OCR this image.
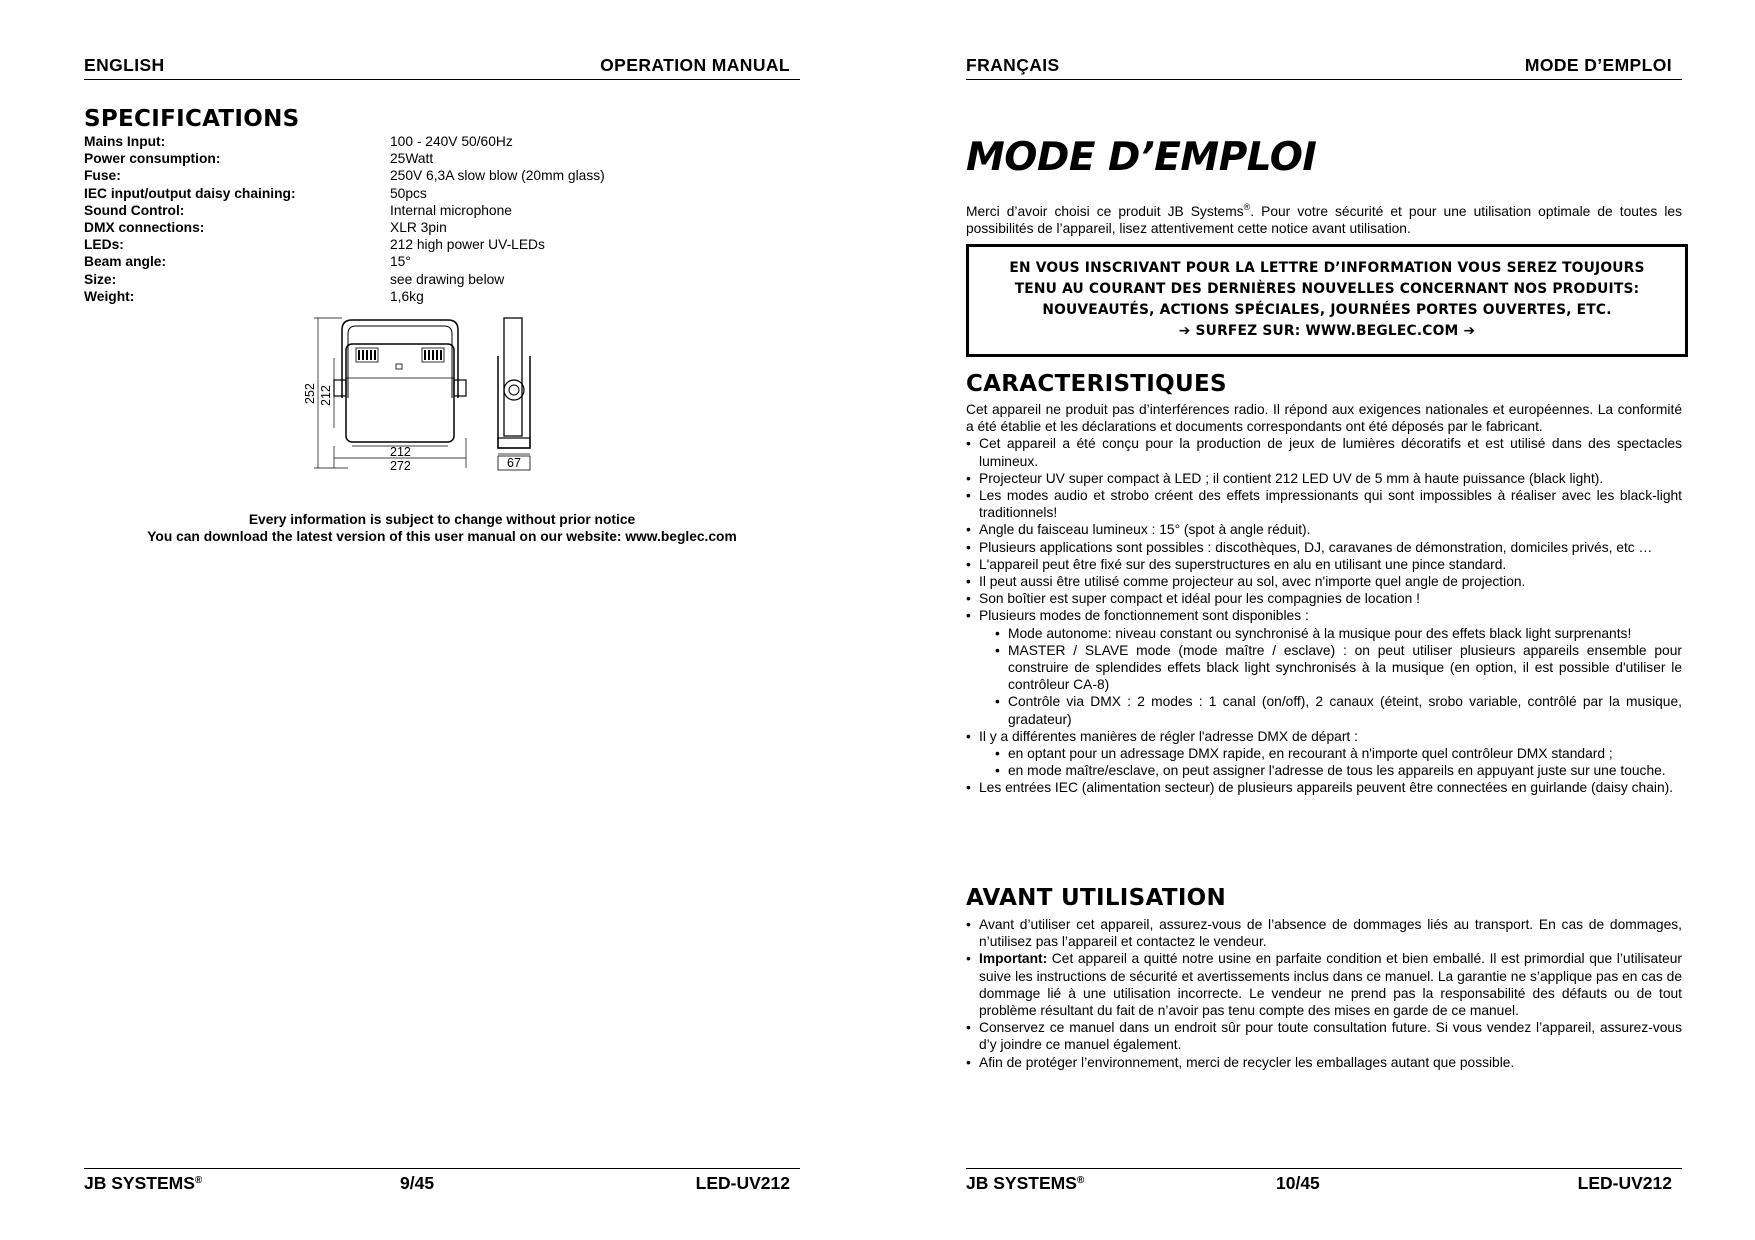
ENGLISH	OPERATION MANUAL
SPECIFICATIONS
Mains Input:	100 - 240V 50/60Hz
Power consumption:	25Watt
Fuse:	250V 6,3A slow blow (20mm glass)
IEC input/output daisy chaining:	50pcs
Sound Control:	Internal microphone
DMX connections:	XLR 3pin
LEDs:	212 high power UV-LEDs
Beam angle:	15°
Size:	see drawing below
Weight:	1,6kg
252 212
212
272	67
Every information is subject to change without prior notice
You can download the latest version of this user manual on our website: www.beglec.com
JB SYSTEMS®	9/45	LED-UV212
FRANÇAIS	MODE D’EMPLOI
MODE D’EMPLOI

Merci d’avoir choisi ce produit JB Systems®. Pour votre sécurité et pour une utilisation optimale de toutes les possibilités de l’appareil, lisez attentivement cette notice avant utilisation.

EN VOUS INSCRIVANT POUR LA LETTRE D’INFORMATION VOUS SEREZ TOUJOURS
TENU AU COURANT DES DERNIÈRES NOUVELLES CONCERNANT NOS PRODUITS:
NOUVEAUTÉS, ACTIONS SPÉCIALES, JOURNÉES PORTES OUVERTES, ETC.
➔ SURFEZ SUR: WWW.BEGLEC.COM ➔
CARACTERISTIQUES

Cet appareil ne produit pas d’interférences radio. Il répond aux exigences nationales et européennes. La conformité a été établie et les déclarations et documents correspondants ont été déposés par le fabricant.

• Cet appareil a été conçu pour la production de jeux de lumières décoratifs et est utilisé dans des spectacles lumineux.
• Projecteur UV super compact à LED ; il contient 212 LED UV de 5 mm à haute puissance (black light).
• Les modes audio et strobo créent des effets impressionants qui sont impossibles à réaliser avec les black-light traditionnels!
• Angle du faisceau lumineux : 15° (spot à angle réduit).
• Plusieurs applications sont possibles : discothèques, DJ, caravanes de démonstration, domiciles privés, etc …
• L'appareil peut être fixé sur des superstructures en alu en utilisant une pince standard.
• Il peut aussi être utilisé comme projecteur au sol, avec n'importe quel angle de projection.
• Son boîtier est super compact et idéal pour les compagnies de location !
• Plusieurs modes de fonctionnement sont disponibles :
• Mode autonome: niveau constant ou synchronisé à la musique pour des effets black light surprenants!
• MASTER / SLAVE mode (mode maître / esclave) : on peut utiliser plusieurs appareils ensemble pour construire de splendides effets black light synchronisés à la musique (en option, il est possible d'utiliser le contrôleur CA-8)
• Contrôle via DMX : 2 modes : 1 canal (on/off), 2 canaux (éteint, srobo variable, contrôlé par la musique, gradateur)
• Il y a différentes manières de régler l'adresse DMX de départ :
• en optant pour un adressage DMX rapide, en recourant à n'importe quel contrôleur DMX standard ;
• en mode maître/esclave, on peut assigner l'adresse de tous les appareils en appuyant juste sur une touche.
• Les entrées IEC (alimentation secteur) de plusieurs appareils peuvent être connectées en guirlande (daisy chain).
AVANT UTILISATION
• Avant d’utiliser cet appareil, assurez-vous de l’absence de dommages liés au transport. En cas de dommages, n’utilisez pas l’appareil et contactez le vendeur.
• Important: Cet appareil a quitté notre usine en parfaite condition et bien emballé. Il est primordial que l’utilisateur suive les instructions de sécurité et avertissements inclus dans ce manuel. La garantie ne s’applique pas en cas de dommage lié à une utilisation incorrecte. Le vendeur ne prend pas la responsabilité des défauts ou de tout problème résultant du fait de n’avoir pas tenu compte des mises en garde de ce manuel.
• Conservez ce manuel dans un endroit sûr pour toute consultation future. Si vous vendez l’appareil, assurez-vous d’y joindre ce manuel également.
• Afin de protéger l’environnement, merci de recycler les emballages autant que possible.
JB SYSTEMS®	10/45	LED-UV212
